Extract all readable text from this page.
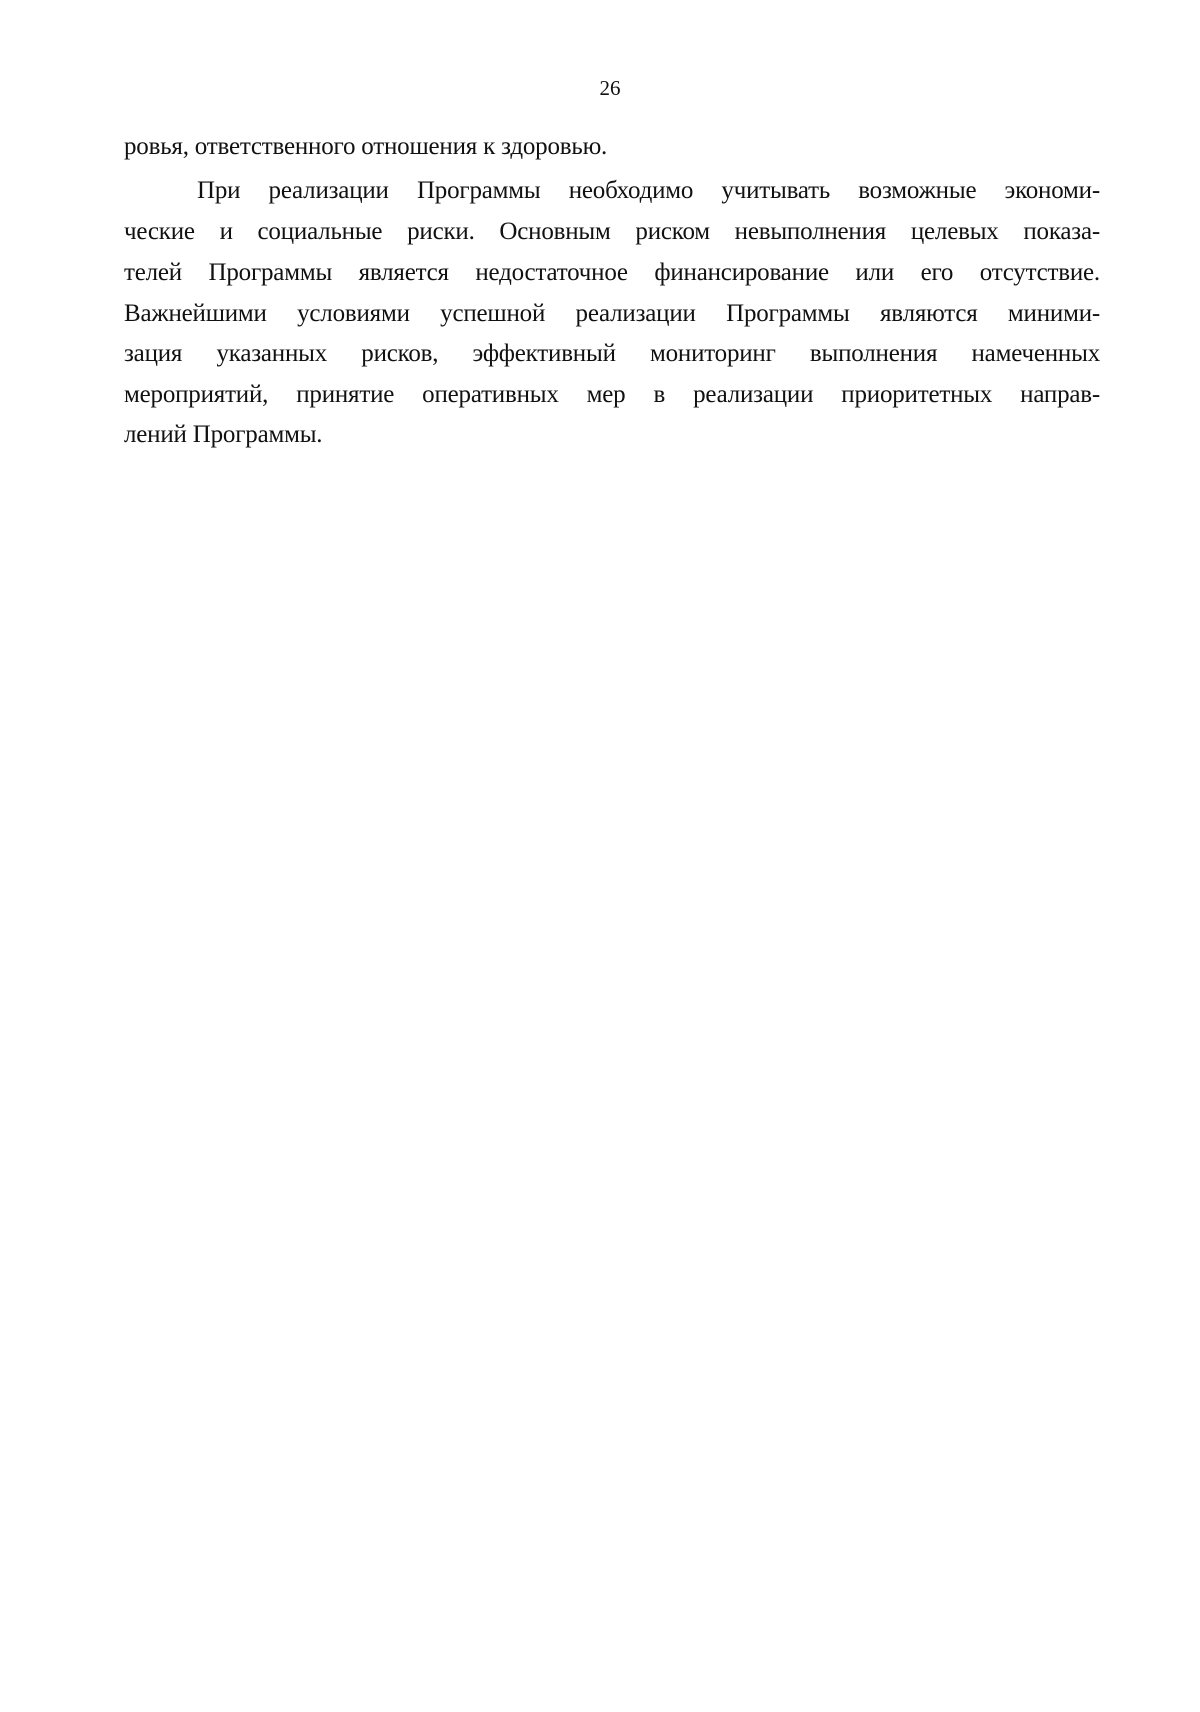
26
ровья, ответственного отношения к здоровью.
При реализации Программы необходимо учитывать возможные экономи-
ческие и социальные риски. Основным риском невыполнения целевых показа-
телей Программы является недостаточное финансирование или его отсутствие.
Важнейшими условиями успешной реализации Программы являются миними-
зация указанных рисков, эффективный мониторинг выполнения намеченных
мероприятий, принятие оперативных мер в реализации приоритетных направ-
лений Программы.
